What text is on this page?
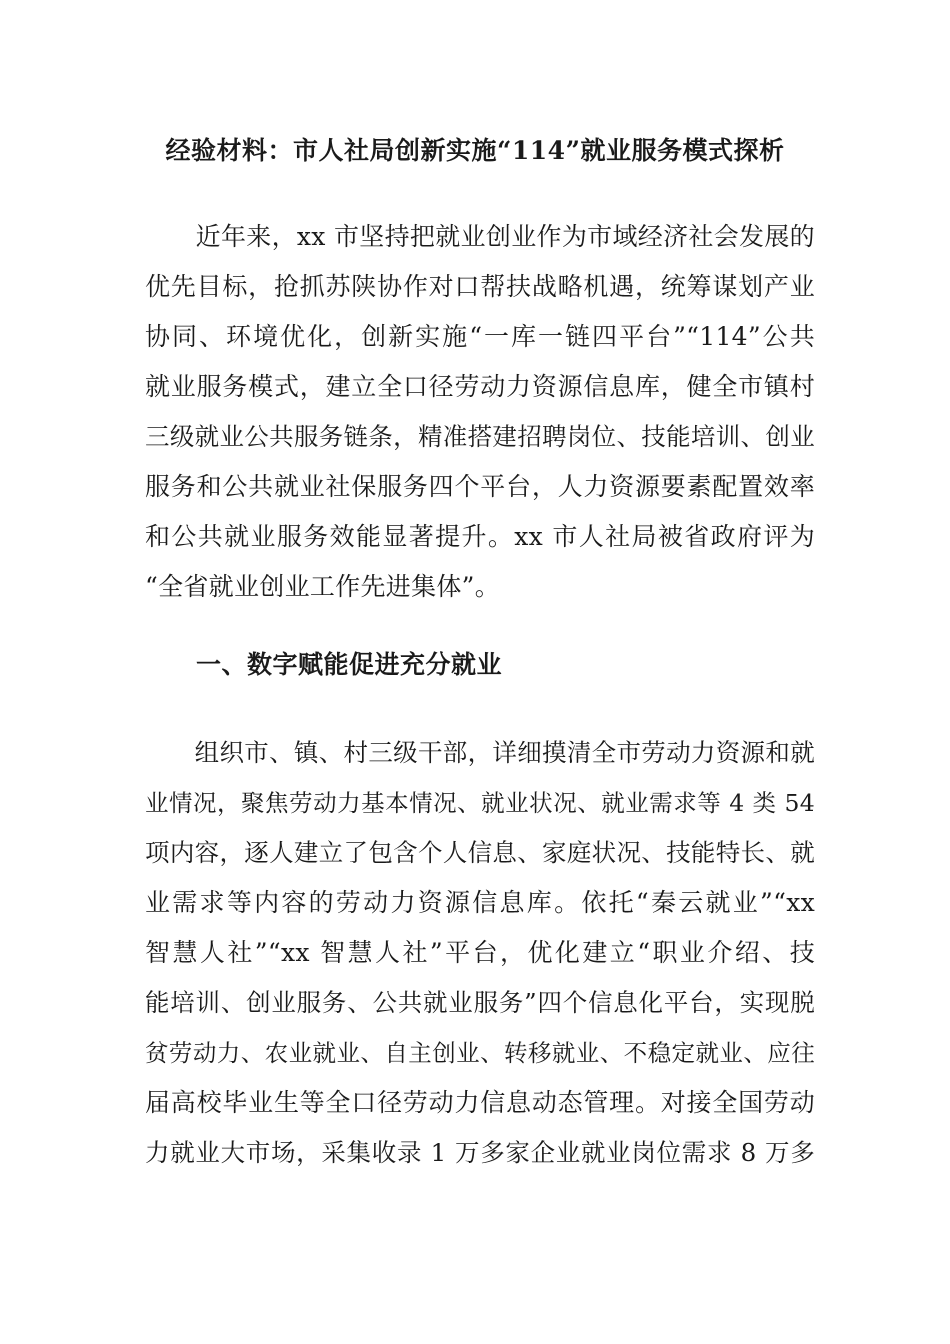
经验材料：市人社局创新实施“114”就业服务模式探析
　　近年来，xx 市坚持把就业创业作为市域经济社会发展的
优先目标，抢抓苏陕协作对口帮扶战略机遇，统筹谋划产业
协同、环境优化，创新实施“一库一链四平台”“114”公共
就业服务模式，建立全口径劳动力资源信息库，健全市镇村
三级就业公共服务链条，精准搭建招聘岗位、技能培训、创业
服务和公共就业社保服务四个平台，人力资源要素配置效率
和公共就业服务效能显著提升。xx 市人社局被省政府评为
“全省就业创业工作先进集体”。
一、数字赋能促进充分就业
　　组织市、镇、村三级干部，详细摸清全市劳动力资源和就
业情况，聚焦劳动力基本情况、就业状况、就业需求等 4 类 54
项内容，逐人建立了包含个人信息、家庭状况、技能特长、就
业需求等内容的劳动力资源信息库。依托“秦云就业”“xx
智慧人社”“xx 智慧人社”平台，优化建立“职业介绍、技
能培训、创业服务、公共就业服务”四个信息化平台，实现脱
贫劳动力、农业就业、自主创业、转移就业、不稳定就业、应往
届高校毕业生等全口径劳动力信息动态管理。对接全国劳动
力就业大市场，采集收录 1 万多家企业就业岗位需求 8 万多
